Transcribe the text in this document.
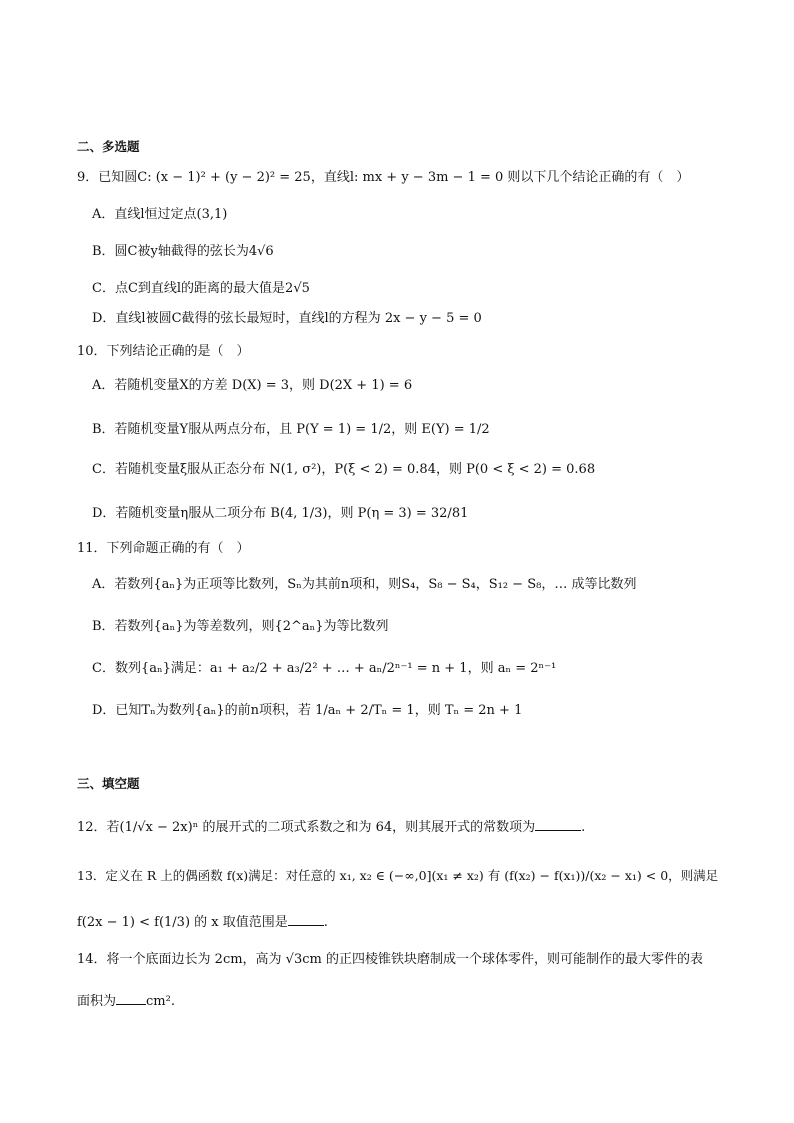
二、多选题
9．已知圆C: (x − 1)² + (y − 2)² = 25，直线l: mx + y − 3m − 1 = 0 则以下几个结论正确的有（　）
A．直线l恒过定点(3,1)
B．圆C被y轴截得的弦长为4√6
C．点C到直线l的距离的最大值是2√5
D．直线l被圆C截得的弦长最短时，直线l的方程为 2x − y − 5 = 0
10．下列结论正确的是（　）
A．若随机变量X的方差 D(X) = 3，则 D(2X + 1) = 6
B．若随机变量Y服从两点分布，且 P(Y = 1) = 1/2，则 E(Y) = 1/2
C．若随机变量ξ服从正态分布 N(1, σ²)，P(ξ < 2) = 0.84，则 P(0 < ξ < 2) = 0.68
D．若随机变量η服从二项分布 B(4, 1/3)，则 P(η = 3) = 32/81
11．下列命题正确的有（　）
A．若数列{aₙ}为正项等比数列，Sₙ为其前n项和，则S₄，S₈ − S₄，S₁₂ − S₈，… 成等比数列
B．若数列{aₙ}为等差数列，则{2^aₙ}为等比数列
C．数列{aₙ}满足：a₁ + a₂/2 + a₃/2² + … + aₙ/2ⁿ⁻¹ = n + 1，则 aₙ = 2ⁿ⁻¹
D．已知Tₙ为数列{aₙ}的前n项积，若 1/aₙ + 2/Tₙ = 1，则 Tₙ = 2n + 1
三、填空题
12．若(1/√x − 2x)ⁿ 的展开式的二项式系数之和为 64，则其展开式的常数项为	.
13．定义在 R 上的偶函数 f(x)满足：对任意的 x₁, x₂ ∈ (−∞,0](x₁ ≠ x₂) 有 (f(x₂) − f(x₁))/(x₂ − x₁) < 0，则满足
f(2x − 1) < f(1/3) 的 x 取值范围是	.
14．将一个底面边长为 2cm，高为 √3cm 的正四棱锥铁块磨制成一个球体零件，则可能制作的最大零件的表
面积为 cm².
